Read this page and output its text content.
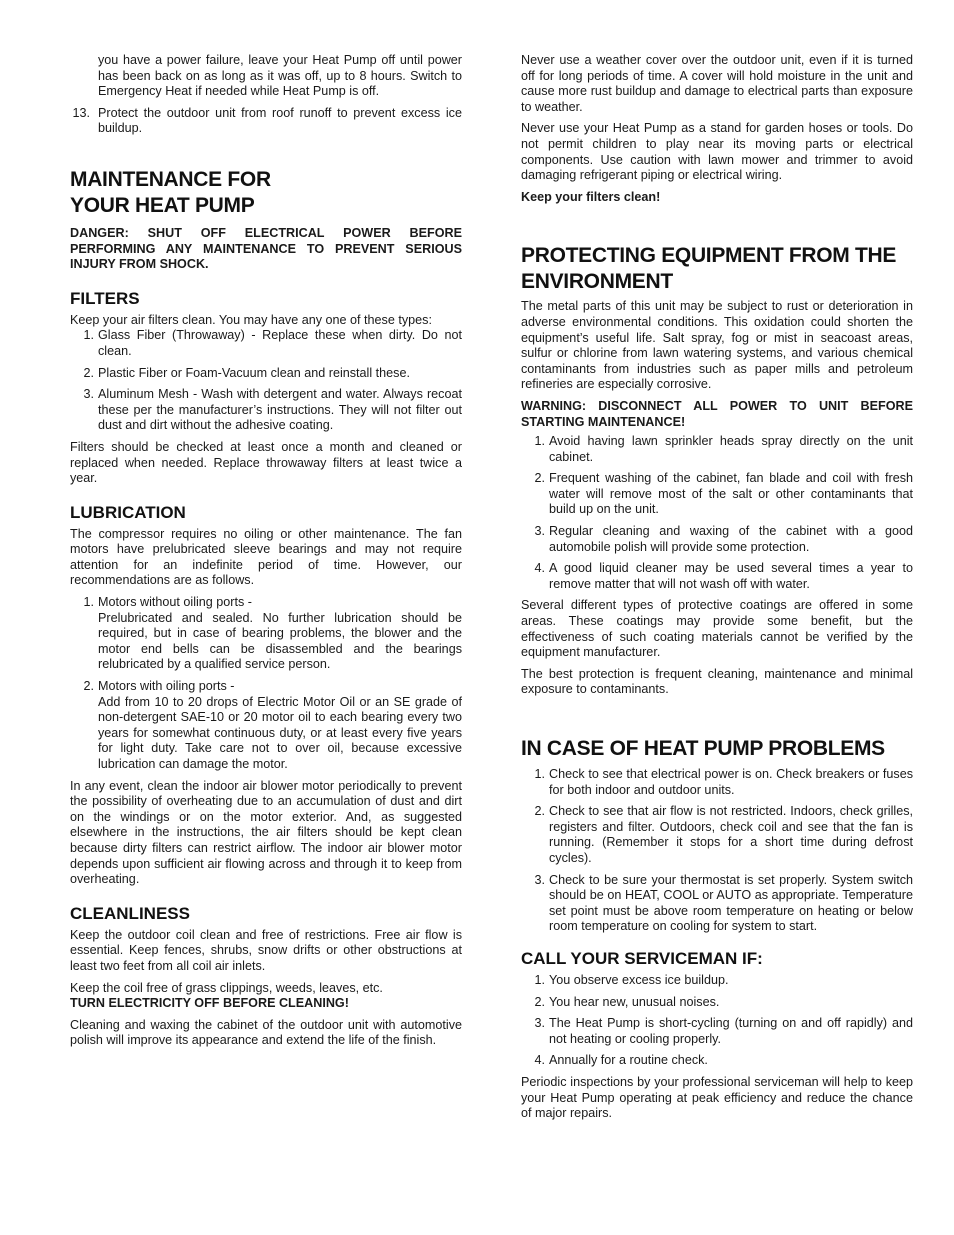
you have a power failure, leave your Heat Pump off until power has been back on as long as it was off, up to 8 hours. Switch to Emergency Heat if needed while Heat Pump is off.

13. Protect the outdoor unit from roof runoff to prevent excess ice buildup.
MAINTENANCE FOR
YOUR HEAT PUMP

DANGER: SHUT OFF ELECTRICAL POWER BEFORE PERFORMING ANY MAINTENANCE TO PREVENT SERIOUS INJURY FROM SHOCK.

FILTERS

Keep your air filters clean. You may have any one of these types:

1. Glass Fiber (Throwaway) - Replace these when dirty. Do not clean.
2. Plastic Fiber or Foam-Vacuum clean and reinstall these.
3. Aluminum Mesh - Wash with detergent and water. Always recoat these per the manufacturer’s instructions. They will not filter out dust and dirt without the adhesive coating.

Filters should be checked at least once a month and cleaned or replaced when needed. Replace throwaway filters at least twice a year.

LUBRICATION

The compressor requires no oiling or other maintenance. The fan motors have prelubricated sleeve bearings and may not require attention for an indefinite period of time. However, our recommendations are as follows.

1. Motors without oiling ports -
Prelubricated and sealed. No further lubrication should be required, but in case of bearing problems, the blower and the motor end bells can be disassembled and the bearings relubricated by a qualified service person.
2. Motors with oiling ports -
Add from 10 to 20 drops of Electric Motor Oil or an SE grade of non-detergent SAE-10 or 20 motor oil to each bearing every two years for somewhat continuous duty, or at least every five years for light duty. Take care not to over oil, because excessive lubrication can damage the motor.

In any event, clean the indoor air blower motor periodically to prevent the possibility of overheating due to an accumulation of dust and dirt on the windings or on the motor exterior. And, as suggested elsewhere in the instructions, the air filters should be kept clean because dirty filters can restrict airflow. The indoor air blower motor depends upon sufficient air flowing across and through it to keep from overheating.

CLEANLINESS

Keep the outdoor coil clean and free of restrictions. Free air flow is essential. Keep fences, shrubs, snow drifts or other obstructions at least two feet from all coil air inlets.

Keep the coil free of grass clippings, weeds, leaves, etc.
TURN ELECTRICITY OFF BEFORE CLEANING!

Cleaning and waxing the cabinet of the outdoor unit with automotive polish will improve its appearance and extend the life of the finish.

Never use a weather cover over the outdoor unit, even if it is turned off for long periods of time. A cover will hold moisture in the unit and cause more rust buildup and damage to electrical parts than exposure to weather.

Never use your Heat Pump as a stand for garden hoses or tools. Do not permit children to play near its moving parts or electrical components. Use caution with lawn mower and trimmer to avoid damaging refrigerant piping or electrical wiring.

Keep your filters clean!

PROTECTING EQUIPMENT FROM THE
ENVIRONMENT

The metal parts of this unit may be subject to rust or deterioration in adverse environmental conditions. This oxidation could shorten the equipment’s useful life. Salt spray, fog or mist in seacoast areas, sulfur or chlorine from lawn watering systems, and various chemical contaminants from industries such as paper mills and petroleum refineries are especially corrosive.

WARNING: DISCONNECT ALL POWER TO UNIT BEFORE STARTING MAINTENANCE!

1. Avoid having lawn sprinkler heads spray directly on the unit cabinet.
2. Frequent washing of the cabinet, fan blade and coil with fresh water will remove most of the salt or other contaminants that build up on the unit.
3. Regular cleaning and waxing of the cabinet with a good automobile polish will provide some protection.
4. A good liquid cleaner may be used several times a year to remove matter that will not wash off with water.

Several different types of protective coatings are offered in some areas. These coatings may provide some benefit, but the effectiveness of such coating materials cannot be verified by the equipment manufacturer.

The best protection is frequent cleaning, maintenance and minimal exposure to contaminants.

IN CASE OF HEAT PUMP PROBLEMS
1. Check to see that electrical power is on. Check breakers or fuses for both indoor and outdoor units.
2. Check to see that air flow is not restricted. Indoors, check grilles, registers and filter. Outdoors, check coil and see that the fan is running. (Remember it stops for a short time during defrost cycles).
3. Check to be sure your thermostat is set properly. System switch should be on HEAT, COOL or AUTO as appropriate. Temperature set point must be above room temperature on heating or below room temperature on cooling for system to start.
CALL YOUR SERVICEMAN IF:
1. You observe excess ice buildup.
2. You hear new, unusual noises.
3. The Heat Pump is short-cycling (turning on and off rapidly) and not heating or cooling properly.
4. Annually for a routine check.

Periodic inspections by your professional serviceman will help to keep your Heat Pump operating at peak efficiency and reduce the chance of major repairs.
